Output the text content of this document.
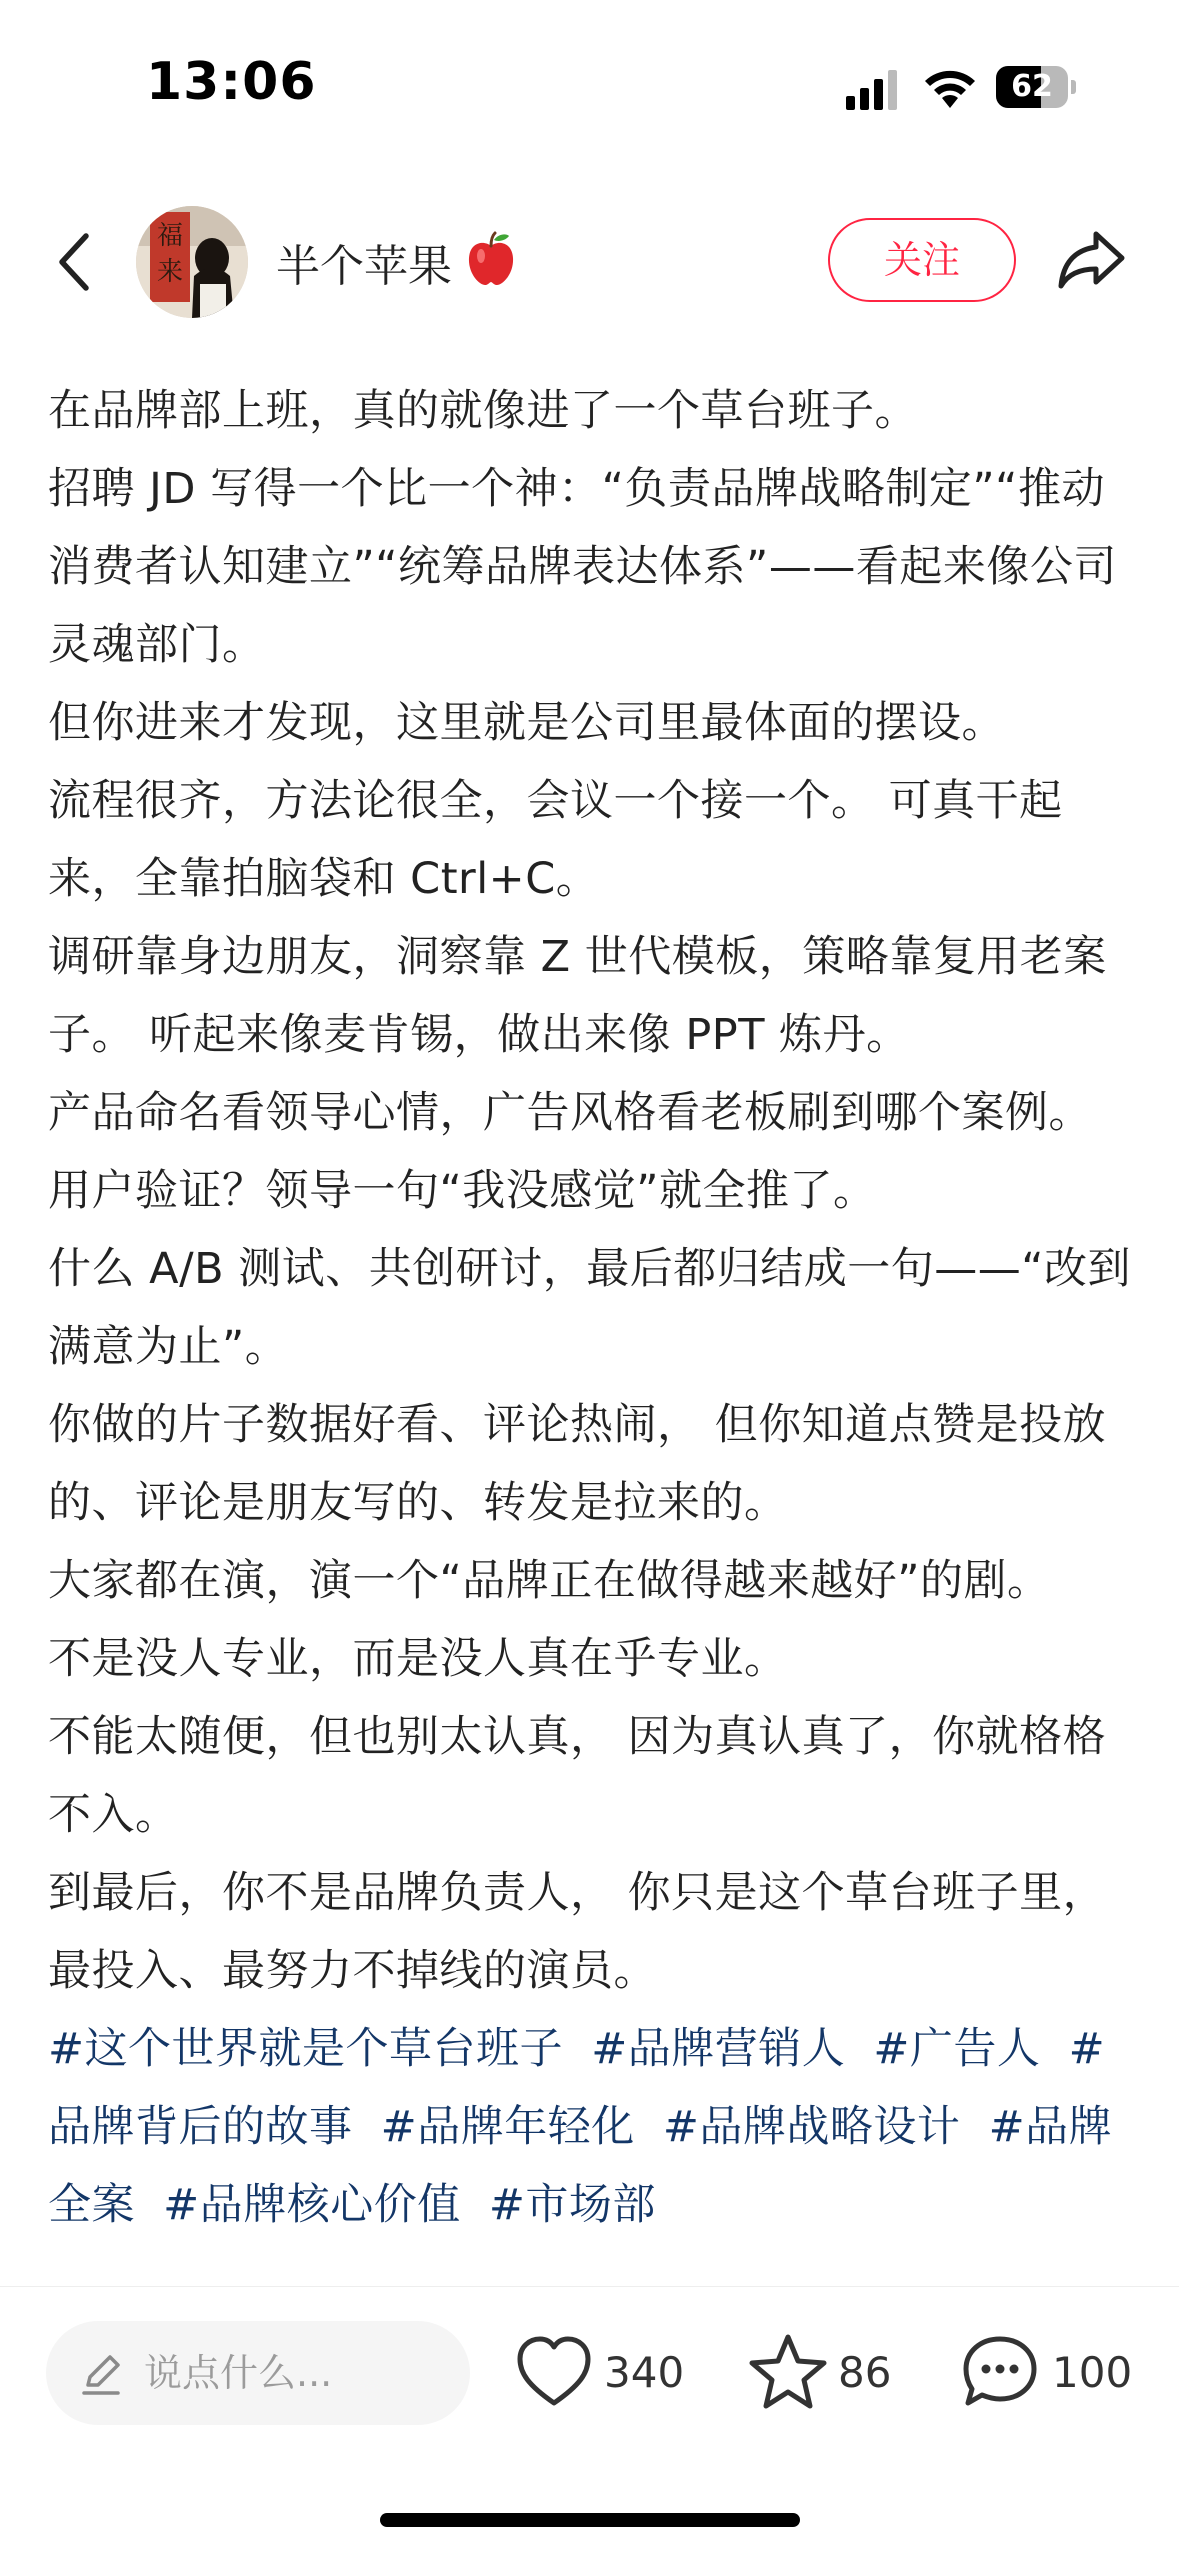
13:06	62
福
来 半个苹果	关注

在品牌部上班，真的就像进了一个草台班子。

招聘 JD 写得一个比一个神：“负责品牌战略制定”“推动消费者认知建立”“统筹品牌表达体系”——看起来像公司灵魂部门。

但你进来才发现，这里就是公司里最体面的摆设。

流程很齐，方法论很全，会议一个接一个。 可真干起来，全靠拍脑袋和 Ctrl+C。

调研靠身边朋友，洞察靠 Z 世代模板，策略靠复用老案子。 听起来像麦肯锡，做出来像 PPT 炼丹。

产品命名看领导心情，广告风格看老板刷到哪个案例。 用户验证？领导一句“我没感觉”就全推了。

什么 A/B 测试、共创研讨，最后都归结成一句——“改到满意为止”。

你做的片子数据好看、评论热闹， 但你知道点赞是投放的、评论是朋友写的、转发是拉来的。

大家都在演，演一个“品牌正在做得越来越好”的剧。

不是没人专业，而是没人真在乎专业。

不能太随便，但也别太认真， 因为真认真了，你就格格不入。

到最后，你不是品牌负责人， 你只是这个草台班子里，最投入、最努力不掉线的演员。

#这个世界就是个草台班子 #品牌营销人 #广告人 #品牌背后的故事 #品牌年轻化 #品牌战略设计 #品牌全案 #品牌核心价值 #市场部
说点什么...	340	86	100
